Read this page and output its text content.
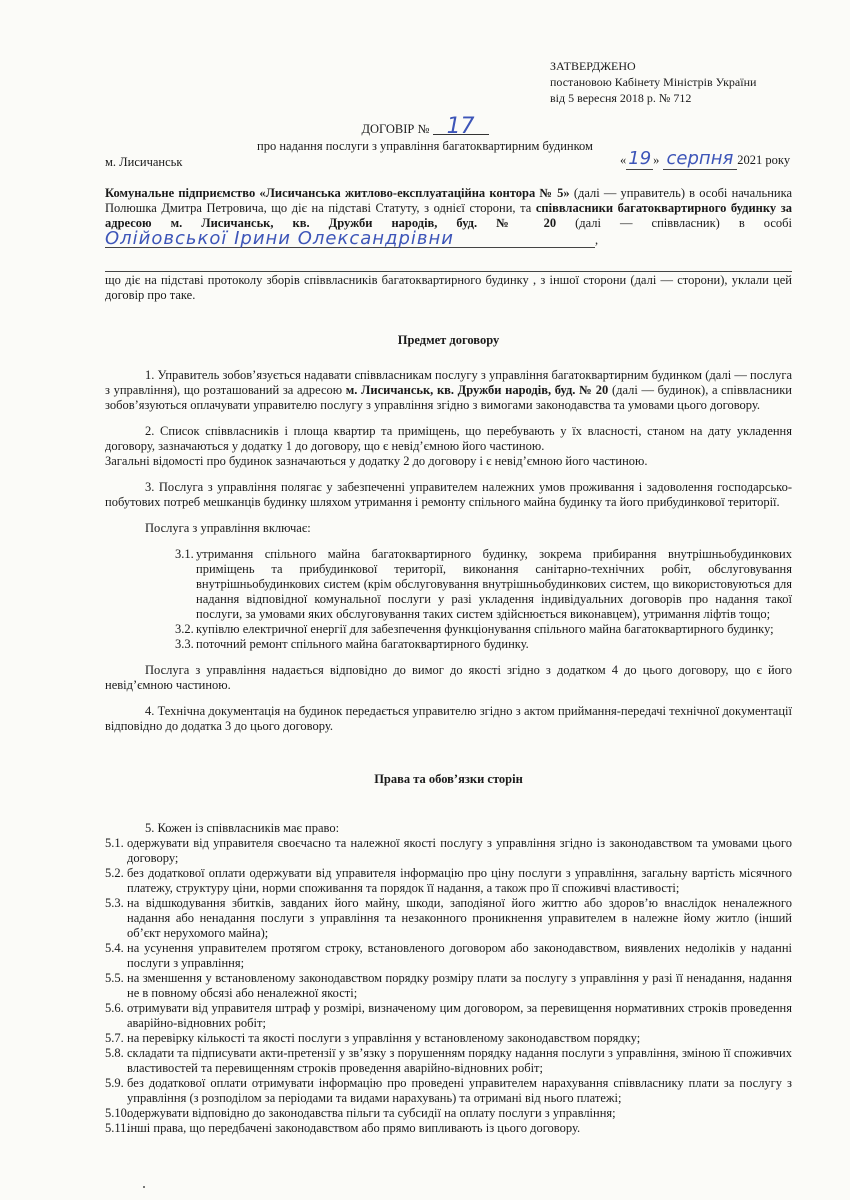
ЗАТВЕРДЖЕНО
постановою Кабінету Міністрів України
від 5 вересня 2018 р. № 712
ДОГОВІР № 17
про надання послуги з управління багатоквартирним будинком
м. Лисичанськ	« 19 » серпня 2021 року

Комунальне підприємство «Лисичанська житлово-експлуатаційна контора № 5» (далі — управитель) в особі начальника Полюшка Дмитра Петровича, що діє на підставі Статуту, з однієї сторони, та співвласники багатоквартирного будинку за адресою м. Лисичанськ, кв. Дружби народів, буд. № 20 (далі — співвласник) в особіОлійовської Ірини Олександрівни	,

що діє на підставі протоколу зборів співвласників багатоквартирного будинку , з іншої сторони (далі — сторони), уклали цей договір про таке.

Предмет договору

1. Управитель зобов’язується надавати співвласникам послугу з управління багатоквартирним будинком (далі — послуга з управління), що розташований за адресою м. Лисичанськ, кв. Дружби народів, буд. № 20 (далі — будинок), а співвласники зобов’язуються оплачувати управителю послугу з управління згідно з вимогами законодавства та умовами цього договору.

2. Список співвласників і площа квартир та приміщень, що перебувають у їх власності, станом на дату укладення договору, зазначаються у додатку 1 до договору, що є невід’ємною його частиною.

Загальні відомості про будинок зазначаються у додатку 2 до договору і є невід’ємною його частиною.

3. Послуга з управління полягає у забезпеченні управителем належних умов проживання і задоволення господарсько-побутових потреб мешканців будинку шляхом утримання і ремонту спільного майна будинку та його прибудинкової території.

Послуга з управління включає:

3.1. утримання спільного майна багатоквартирного будинку, зокрема прибирання внутрішньобудинкових приміщень та прибудинкової території, виконання санітарно-технічних робіт, обслуговування внутрішньобудинкових систем (крім обслуговування внутрішньобудинкових систем, що використовуються для надання відповідної комунальної послуги у разі укладення індивідуальних договорів про надання такої послуги, за умовами яких обслуговування таких систем здійснюється виконавцем), утримання ліфтів тощо;
3.2. купівлю електричної енергії для забезпечення функціонування спільного майна багатоквартирного будинку;
3.3. поточний ремонт спільного майна багатоквартирного будинку.

Послуга з управління надається відповідно до вимог до якості згідно з додатком 4 до цього договору, що є його невід’ємною частиною.

4. Технічна документація на будинок передається управителю згідно з актом приймання-передачі технічної документації відповідно до додатка 3 до цього договору.

Права та обов’язки сторін

5. Кожен із співвласників має право:

5.1. одержувати від управителя своєчасно та належної якості послугу з управління згідно із законодавством та умовами цього договору;
5.2. без додаткової оплати одержувати від управителя інформацію про ціну послуги з управління, загальну вартість місячного платежу, структуру ціни, норми споживання та порядок її надання, а також про її споживчі властивості;
5.3. на відшкодування збитків, завданих його майну, шкоди, заподіяної його життю або здоров’ю внаслідок неналежного надання або ненадання послуги з управління та незаконного проникнення управителем в належне йому житло (інший об’єкт нерухомого майна);
5.4. на усунення управителем протягом строку, встановленого договором або законодавством, виявлених недоліків у наданні послуги з управління;
5.5. на зменшення у встановленому законодавством порядку розміру плати за послугу з управління у разі її ненадання, надання не в повному обсязі або неналежної якості;
5.6. отримувати від управителя штраф у розмірі, визначеному цим договором, за перевищення нормативних строків проведення аварійно-відновних робіт;
5.7. на перевірку кількості та якості послуги з управління у встановленому законодавством порядку;
5.8. складати та підписувати акти-претензії у зв’язку з порушенням порядку надання послуги з управління, зміною її споживчих властивостей та перевищенням строків проведення аварійно-відновних робіт;
5.9. без додаткової оплати отримувати інформацію про проведені управителем нарахування співвласнику плати за послугу з управління (з розподілом за періодами та видами нарахувань) та отримані від нього платежі;
5.10.
одержувати відповідно до законодавства пільги та субсидії на оплату послуги з управління;
5.11.
інші права, що передбачені законодавством або прямо випливають із цього договору.
